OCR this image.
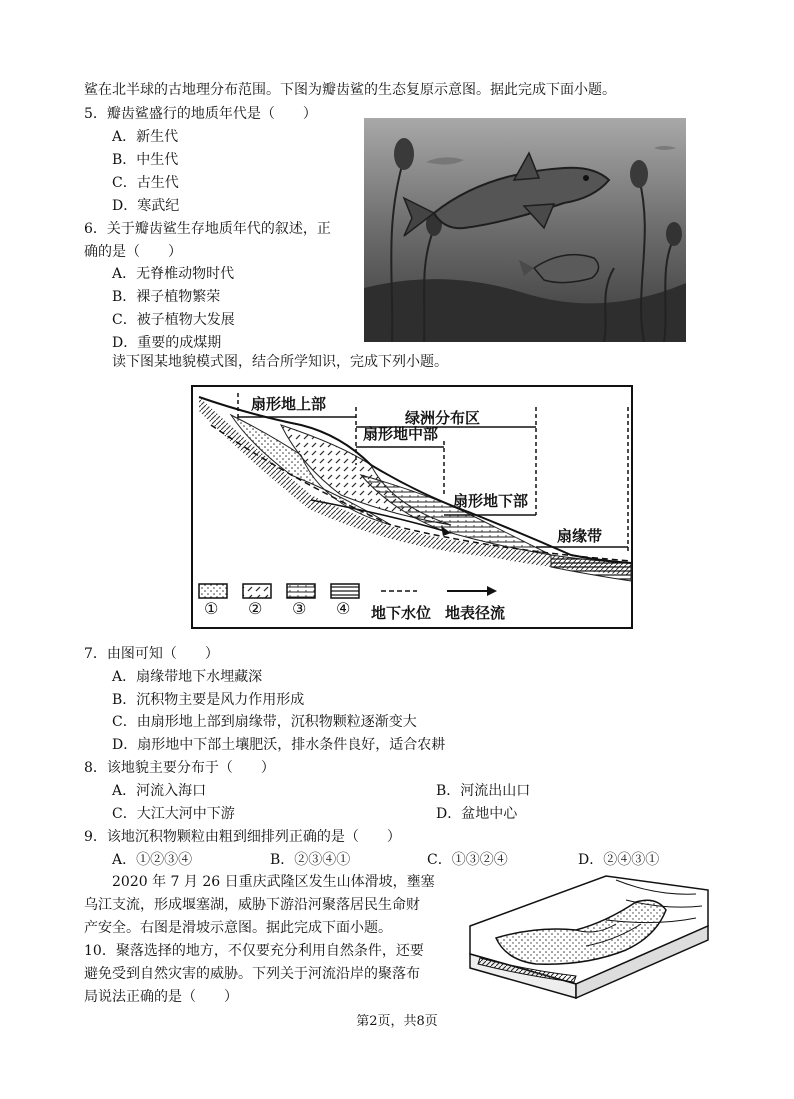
鲨在北半球的古地理分布范围。下图为瓣齿鲨的生态复原示意图。据此完成下面小题。
5．瓣齿鲨盛行的地质年代是（　　）
A．新生代
B．中生代
C．古生代
D．寒武纪
6．关于瓣齿鲨生存地质年代的叙述，正
确的是（　　）
A．无脊椎动物时代
B．裸子植物繁荣
C．被子植物大发展
D．重要的成煤期
读下图某地貌模式图，结合所学知识，完成下列小题。
扇形地上部
绿洲分布区
扇形地中部
扇形地下部
扇缘带
① ② ③ ④ 地下水位 地表径流
7．由图可知（　　）
A．扇缘带地下水埋藏深
B．沉积物主要是风力作用形成
C．由扇形地上部到扇缘带，沉积物颗粒逐渐变大
D．扇形地中下部土壤肥沃，排水条件良好，适合农耕
8．该地貌主要分布于（　　）
A．河流入海口	B．河流出山口
C．大江大河中下游	D．盆地中心
9．该地沉积物颗粒由粗到细排列正确的是（　　）
A．①②③④	B．②③④①	C．①③②④	D．②④③①
2020 年 7 月 26 日重庆武隆区发生山体滑坡，壅塞
乌江支流，形成堰塞湖，威胁下游沿河聚落居民生命财
产安全。右图是滑坡示意图。据此完成下面小题。
10．聚落选择的地方，不仅要充分利用自然条件，还要
避免受到自然灾害的威胁。下列关于河流沿岸的聚落布
局说法正确的是（　　）
第2页，共8页
